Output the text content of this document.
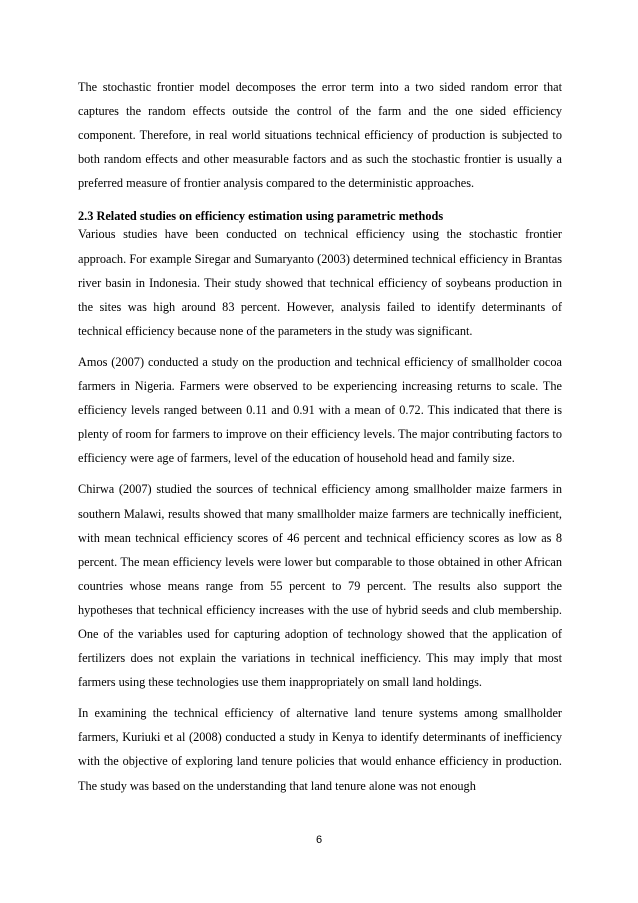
The stochastic frontier model decomposes the error term into a two sided random error that captures the random effects outside the control of the farm and the one sided efficiency component. Therefore, in real world situations technical efficiency of production is subjected to both random effects and other measurable factors and as such the stochastic frontier is usually a preferred measure of frontier analysis compared to the deterministic approaches.

2.3 Related studies on efficiency estimation using parametric methods

Various studies have been conducted on technical efficiency using the stochastic frontier approach. For example Siregar and Sumaryanto (2003) determined technical efficiency in Brantas river basin in Indonesia. Their study showed that technical efficiency of soybeans production in the sites was high around 83 percent. However, analysis failed to identify determinants of technical efficiency because none of the parameters in the study was significant.

Amos (2007) conducted a study on the production and technical efficiency of smallholder cocoa farmers in Nigeria. Farmers were observed to be experiencing increasing returns to scale. The efficiency levels ranged between 0.11 and 0.91 with a mean of 0.72. This indicated that there is plenty of room for farmers to improve on their efficiency levels. The major contributing factors to efficiency were age of farmers, level of the education of household head and family size.

Chirwa (2007) studied the sources of technical efficiency among smallholder maize farmers in southern Malawi, results showed that many smallholder maize farmers are technically inefficient, with mean technical efficiency scores of 46 percent and technical efficiency scores as low as 8 percent. The mean efficiency levels were lower but comparable to those obtained in other African countries whose means range from 55 percent to 79 percent. The results also support the hypotheses that technical efficiency increases with the use of hybrid seeds and club membership. One of the variables used for capturing adoption of technology showed that the application of fertilizers does not explain the variations in technical inefficiency. This may imply that most farmers using these technologies use them inappropriately on small land holdings.

In examining the technical efficiency of alternative land tenure systems among smallholder farmers, Kuriuki et al (2008) conducted a study in Kenya to identify determinants of inefficiency with the objective of exploring land tenure policies that would enhance efficiency in production. The study was based on the understanding that land tenure alone was not enough

6
